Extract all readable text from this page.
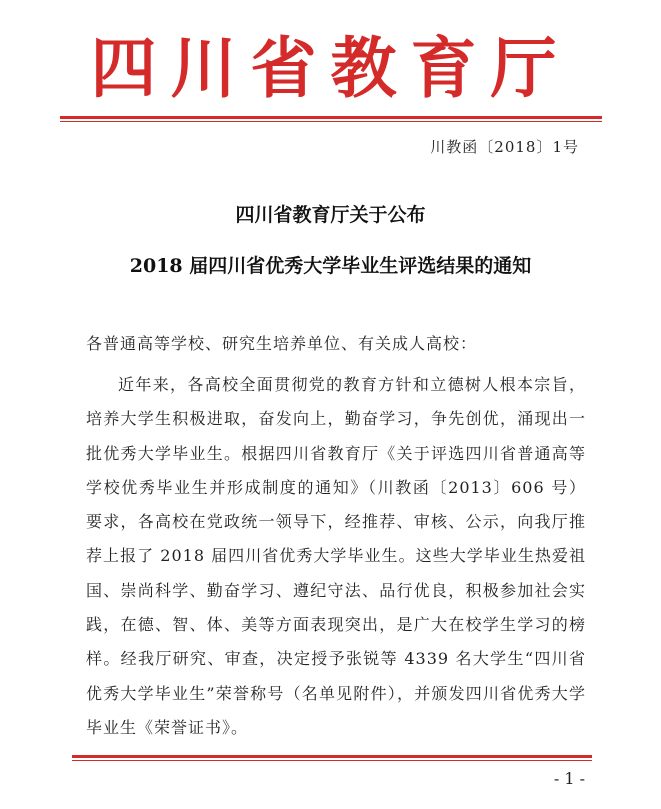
四川省教育厅
川教函〔2018〕1号
四川省教育厅关于公布
2018 届四川省优秀大学毕业生评选结果的通知
各普通高等学校、研究生培养单位、有关成人高校：
近年来，各高校全面贯彻党的教育方针和立德树人根本宗旨，培养大学生积极进取，奋发向上，勤奋学习，争先创优，涌现出一批优秀大学毕业生。根据四川省教育厅《关于评选四川省普通高等学校优秀毕业生并形成制度的通知》（川教函〔2013〕606 号）要求，各高校在党政统一领导下，经推荐、审核、公示，向我厅推荐上报了 2018 届四川省优秀大学毕业生。这些大学毕业生热爱祖国、崇尚科学、勤奋学习、遵纪守法、品行优良，积极参加社会实践，在德、智、体、美等方面表现突出，是广大在校学生学习的榜样。经我厅研究、审查，决定授予张锐等 4339 名大学生“四川省优秀大学毕业生”荣誉称号（名单见附件），并颁发四川省优秀大学毕业生《荣誉证书》。
- 1 -
